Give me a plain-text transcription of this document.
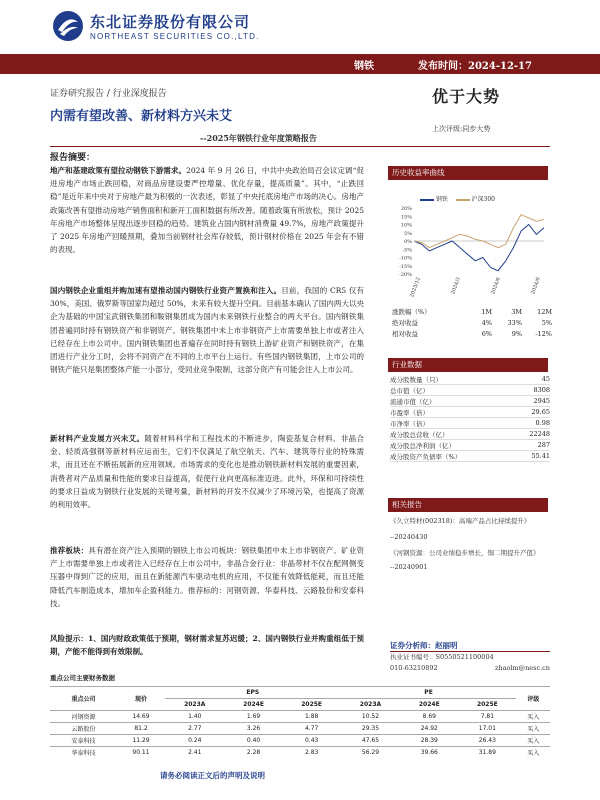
东北证券股份有限公司
NORTHEAST SECURITIES CO.,LTD.
钢铁	发布时间：2024-12-17
证券研究报告 / 行业深度报告	优于大势
内需有望改善、新材料方兴未艾
上次评级:同步大势
--2025年钢铁行业年度策略报告
报告摘要：
地产和基建政策有望拉动钢铁下游需求。2024 年 9 月 26 日，中共中央政治局召会议定调“促进房地产市场止跌回稳，对商品房建设要严控增量、优化存量，提高质量”。其中，“止跌回稳”是近年来中央对于房地产最为积极的一次表述，彰显了中央托底房地产市场的决心。房地产政策改善有望推动房地产销售面积和新开工面积数据有所改善。随着政策有所放松，预计 2025 年房地产市场整体呈现出逐步回稳的趋势。建筑业占国内钢材消费量 49.7%，房地产政策提升了 2025 年房地产回暖预期，叠加当前钢材社会库存较低，预计钢材价格在 2025 年会有不错的表现。
国内钢铁企业重组并购加速有望推动国内钢铁行业资产置换和注入。目前，我国的 CR5 仅有 30%，美国、俄罗斯等国家均超过 50%，未来有较大提升空间。目前基本确认了国内两大以央企为基础的中国宝武钢铁集团和鞍钢集团成为国内未来钢铁行业整合的两大平台。国内钢铁集团普遍同时持有钢铁资产和非钢资产。钢铁集团中未上市非钢资产上市需要单独上市或者注入已经存在上市公司中。国内钢铁集团也普遍存在同时持有钢铁上游矿业资产和钢铁资产，在集团进行产业分工时，会将不同资产在不同的上市平台上运行。有些国内钢铁集团，上市公司的钢铁产能只是集团整体产能一小部分，受同业竞争限制，这部分资产有可能会注入上市公司。
新材料产业发展方兴未艾。随着材料科学和工程技术的不断进步，陶瓷基复合材料、非晶合金、轻质高强钢等新材料应运而生，它们不仅满足了航空航天、汽车、建筑等行业的特殊需求，而且还在不断拓展新的应用领域。市场需求的变化也是推动钢铁新材料发展的重要因素，消费者对产品质量和性能的要求日益提高，促使行业向更高标准迈进。此外，环保和可持续性的要求日益成为钢铁行业发展的关键考量，新材料的开发不仅减少了环境污染，也提高了资源的利用效率。
推荐板块：具有潜在资产注入预期的钢铁上市公司板块：钢铁集团中未上市非钢资产、矿业资产上市需要单独上市或者注入已经存在上市公司中。非晶合金行业：非晶带材不仅在配网侧变压器中得到广泛的应用，而且在新能源汽车驱动电机的应用，不仅能有效降低能耗，而且还能降低汽车制造成本，增加车企盈利能力。推荐标的：河钢资源、华泰科技、云路股份和安泰科技。
风险提示：1、国内财政政策低于预期，钢材需求复苏迟缓；2、国内钢铁行业并购重组低于预期，产能不能得到有效限制。
历史收益率曲线
钢铁	沪深300
20%
15%
10%
5%
0%
-5%
-10%
-15%
-20%
2023/12	2024/3	2024/6	2024/9
涨跌幅（%）	1M	3M	12M
绝对收益	4%	33%	5%
相对收益	6%	9%	-12%
行业数据
成分股数量（只）	45
总市值（亿）	8308
流通市值（亿）	2945
市盈率（倍）	29.65
市净率（倍）	0.98
成分股总营收（亿）	22248
成分股总净利润（亿）	287
成分股资产负债率（%）	55.41
相关报告
《久立特材(002318)：高端产品占比持续提升》
--20240430
《河钢资源：公司业绩稳步增长，铜二期提升产值》
--20240901
证券分析师：赵丽明
执业证书编号：S0550521100004
010-63210892	zhaolm@nesc.cn
重点公司主要财务数据
重点公司	现价	EPS			PE			评级
		2023A	2024E	2025E	2023A	2024E	2025E	
河钢资源	14.69	1.40	1.69	1.88	10.52	8.69	7.81	买入
云路股份	81.2	2.77	3.26	4.77	29.35	24.92	17.01	买入
安泰科技	11.29	0.24	0.40	0.43	47.65	28.39	26.43	买入
华泰科技	90.11	2.41	2.28	2.83	56.29	39.66	31.89	买入
请务必阅读正文后的声明及说明
